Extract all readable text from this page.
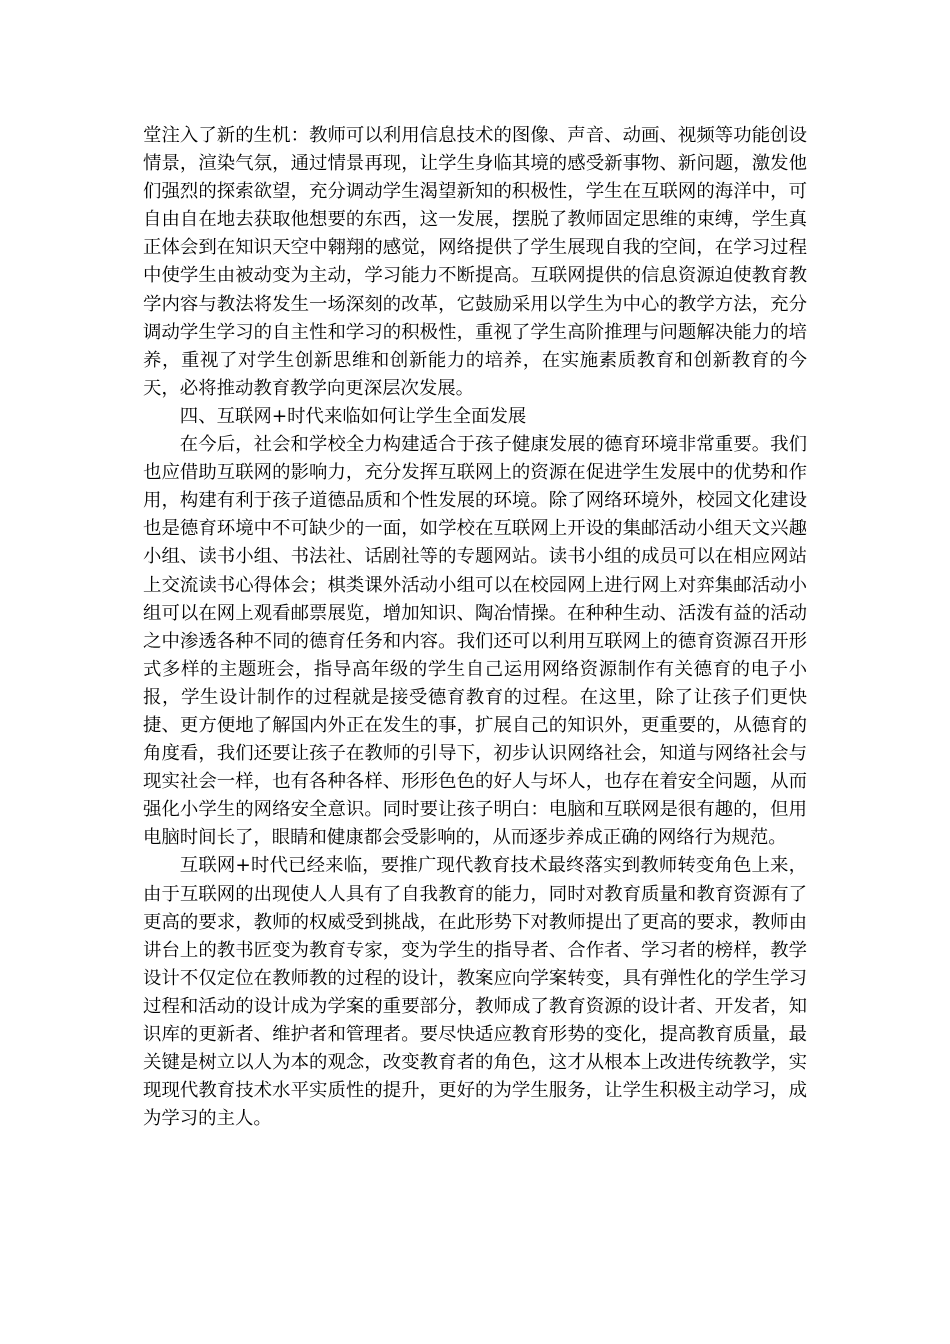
堂注入了新的生机：教师可以利用信息技术的图像、声音、动画、视频等功能创设情景，渲染气氛，通过情景再现，让学生身临其境的感受新事物、新问题，激发他们强烈的探索欲望，充分调动学生渴望新知的积极性，学生在互联网的海洋中，可自由自在地去获取他想要的东西，这一发展，摆脱了教师固定思维的束缚，学生真正体会到在知识天空中翱翔的感觉，网络提供了学生展现自我的空间，在学习过程中使学生由被动变为主动，学习能力不断提高。互联网提供的信息资源迫使教育教学内容与教法将发生一场深刻的改革，它鼓励采用以学生为中心的教学方法，充分调动学生学习的自主性和学习的积极性，重视了学生高阶推理与问题解决能力的培养，重视了对学生创新思维和创新能力的培养，在实施素质教育和创新教育的今天，必将推动教育教学向更深层次发展。

四、互联网+时代来临如何让学生全面发展

在今后，社会和学校全力构建适合于孩子健康发展的德育环境非常重要。我们也应借助互联网的影响力，充分发挥互联网上的资源在促进学生发展中的优势和作用，构建有利于孩子道德品质和个性发展的环境。除了网络环境外，校园文化建设也是德育环境中不可缺少的一面，如学校在互联网上开设的集邮活动小组天文兴趣小组、读书小组、书法社、话剧社等的专题网站。读书小组的成员可以在相应网站上交流读书心得体会；棋类课外活动小组可以在校园网上进行网上对弈集邮活动小组可以在网上观看邮票展览，增加知识、陶冶情操。在种种生动、活泼有益的活动之中渗透各种不同的德育任务和内容。我们还可以利用互联网上的德育资源召开形式多样的主题班会，指导高年级的学生自己运用网络资源制作有关德育的电子小报，学生设计制作的过程就是接受德育教育的过程。在这里，除了让孩子们更快捷、更方便地了解国内外正在发生的事，扩展自己的知识外，更重要的，从德育的角度看，我们还要让孩子在教师的引导下，初步认识网络社会，知道与网络社会与现实社会一样，也有各种各样、形形色色的好人与坏人，也存在着安全问题，从而强化小学生的网络安全意识。同时要让孩子明白：电脑和互联网是很有趣的，但用电脑时间长了，眼睛和健康都会受影响的，从而逐步养成正确的网络行为规范。

互联网+时代已经来临，要推广现代教育技术最终落实到教师转变角色上来，由于互联网的出现使人人具有了自我教育的能力，同时对教育质量和教育资源有了更高的要求，教师的权威受到挑战，在此形势下对教师提出了更高的要求，教师由讲台上的教书匠变为教育专家，变为学生的指导者、合作者、学习者的榜样，教学设计不仅定位在教师教的过程的设计，教案应向学案转变，具有弹性化的学生学习过程和活动的设计成为学案的重要部分，教师成了教育资源的设计者、开发者，知识库的更新者、维护者和管理者。要尽快适应教育形势的变化，提高教育质量，最关键是树立以人为本的观念，改变教育者的角色，这才从根本上改进传统教学，实现现代教育技术水平实质性的提升，更好的为学生服务，让学生积极主动学习，成为学习的主人。
